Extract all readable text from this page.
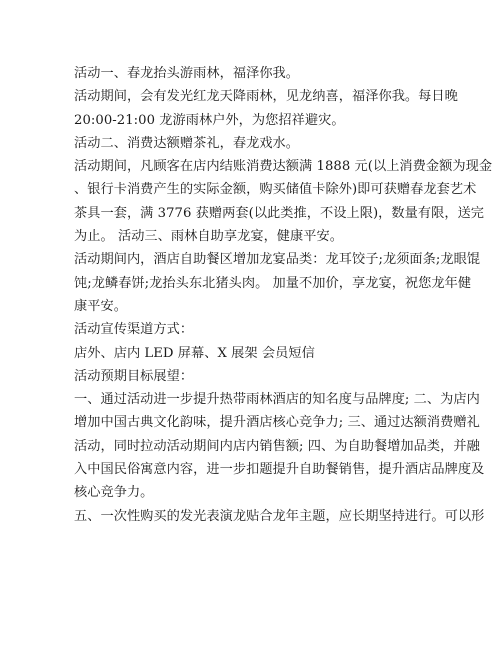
活动一、春龙抬头游雨林，福泽你我。

活动期间，会有发光红龙天降雨林，见龙纳喜，福泽你我。每日晚
20:00-21:00 龙游雨林户外，为您招祥避灾。

活动二、消费达额赠茶礼，春龙戏水。

活动期间，凡顾客在店内结账消费达额满 1888 元(以上消费金额为现金
、银行卡消费产生的实际金额，购买储值卡除外)即可获赠春龙套艺术
茶具一套，满 3776 获赠两套(以此类推，不设上限)，数量有限，送完
为止。 活动三、雨林自助享龙宴，健康平安。

活动期间内，酒店自助餐区增加龙宴品类：龙耳饺子;龙须面条;龙眼馄
饨;龙鳞春饼;龙抬头东北猪头肉。 加量不加价，享龙宴，祝您龙年健
康平安。

活动宣传渠道方式：

店外、店内 LED 屏幕、X 展架 会员短信

活动预期目标展望：

一、通过活动进一步提升热带雨林酒店的知名度与品牌度; 二、为店内
增加中国古典文化韵味，提升酒店核心竞争力; 三、通过达额消费赠礼
活动，同时拉动活动期间内店内销售额; 四、为自助餐增加品类，并融
入中国民俗寓意内容，进一步扣题提升自助餐销售，提升酒店品牌度及
核心竞争力。

五、一次性购买的发光表演龙贴合龙年主题，应长期坚持进行。可以形
